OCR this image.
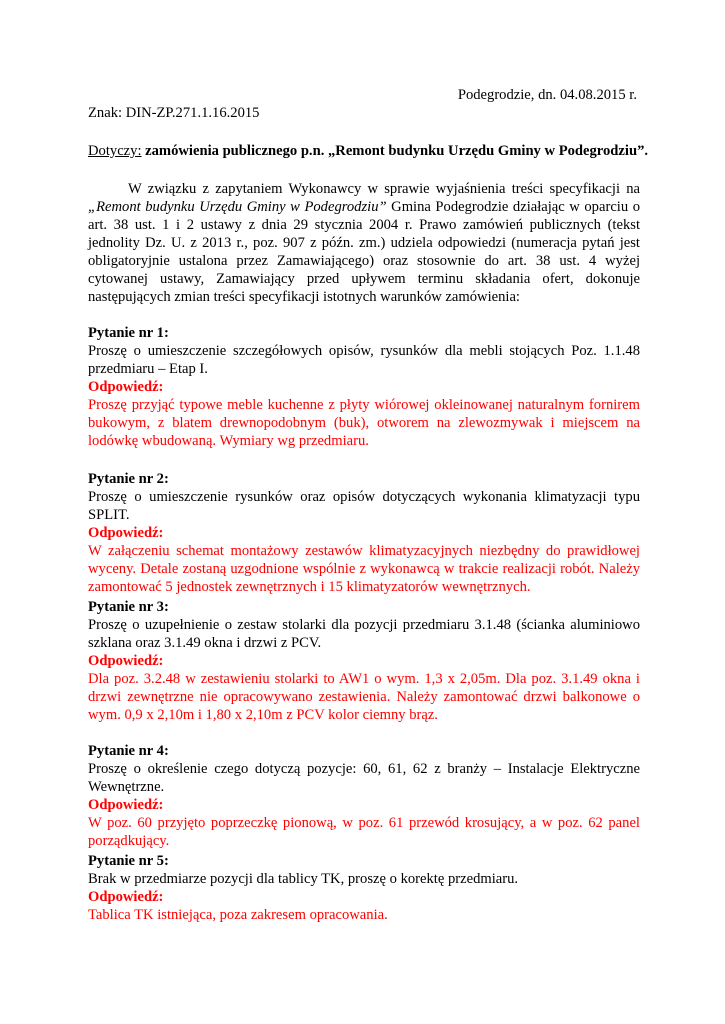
Podegrodzie, dn. 04.08.2015 r.
Znak: DIN-ZP.271.1.16.2015
Dotyczy: zamówienia publicznego p.n. „Remont budynku Urzędu Gminy w Podegrodziu”.
W związku z zapytaniem Wykonawcy w sprawie wyjaśnienia treści specyfikacji na „Remont budynku Urzędu Gminy w Podegrodziu” Gmina Podegrodzie działając w oparciu o art. 38 ust. 1 i 2 ustawy z dnia 29 stycznia 2004 r. Prawo zamówień publicznych (tekst jednolity Dz. U. z 2013 r., poz. 907 z późn. zm.) udziela odpowiedzi (numeracja pytań jest obligatoryjnie ustalona przez Zamawiającego) oraz stosownie do art. 38 ust. 4 wyżej cytowanej ustawy, Zamawiający przed upływem terminu składania ofert, dokonuje następujących zmian treści specyfikacji istotnych warunków zamówienia:
Pytanie nr 1:
Proszę o umieszczenie szczegółowych opisów, rysunków dla mebli stojących Poz. 1.1.48 przedmiaru – Etap I.
Odpowiedź:
Proszę przyjąć typowe meble kuchenne z płyty wiórowej okleinowanej naturalnym fornirem bukowym, z blatem drewnopodobnym (buk), otworem na zlewozmywak i miejscem na lodówkę wbudowaną. Wymiary wg przedmiaru.
Pytanie nr 2:
Proszę o umieszczenie rysunków oraz opisów dotyczących wykonania klimatyzacji typu SPLIT.
Odpowiedź:
W załączeniu schemat montażowy zestawów klimatyzacyjnych niezbędny do prawidłowej wyceny. Detale zostaną uzgodnione wspólnie z wykonawcą w trakcie realizacji robót. Należy zamontować 5 jednostek zewnętrznych i 15 klimatyzatorów wewnętrznych.
Pytanie nr 3:
Proszę o uzupełnienie o zestaw stolarki dla pozycji przedmiaru 3.1.48 (ścianka aluminiowo szklana oraz 3.1.49 okna i drzwi z PCV.
Odpowiedź:
Dla poz. 3.2.48 w zestawieniu stolarki to AW1 o wym. 1,3 x 2,05m. Dla poz. 3.1.49 okna i drzwi zewnętrzne nie opracowywano zestawienia. Należy zamontować drzwi balkonowe o wym. 0,9 x 2,10m i 1,80 x 2,10m z PCV kolor ciemny brąz.
Pytanie nr 4:
Proszę o określenie czego dotyczą pozycje: 60, 61, 62 z branży – Instalacje Elektryczne Wewnętrzne.
Odpowiedź:
W poz. 60 przyjęto poprzeczkę pionową, w poz. 61 przewód krosujący, a w poz. 62 panel porządkujący.
Pytanie nr 5:
Brak w przedmiarze pozycji dla tablicy TK, proszę o korektę przedmiaru.
Odpowiedź:
Tablica TK istniejąca, poza zakresem opracowania.
